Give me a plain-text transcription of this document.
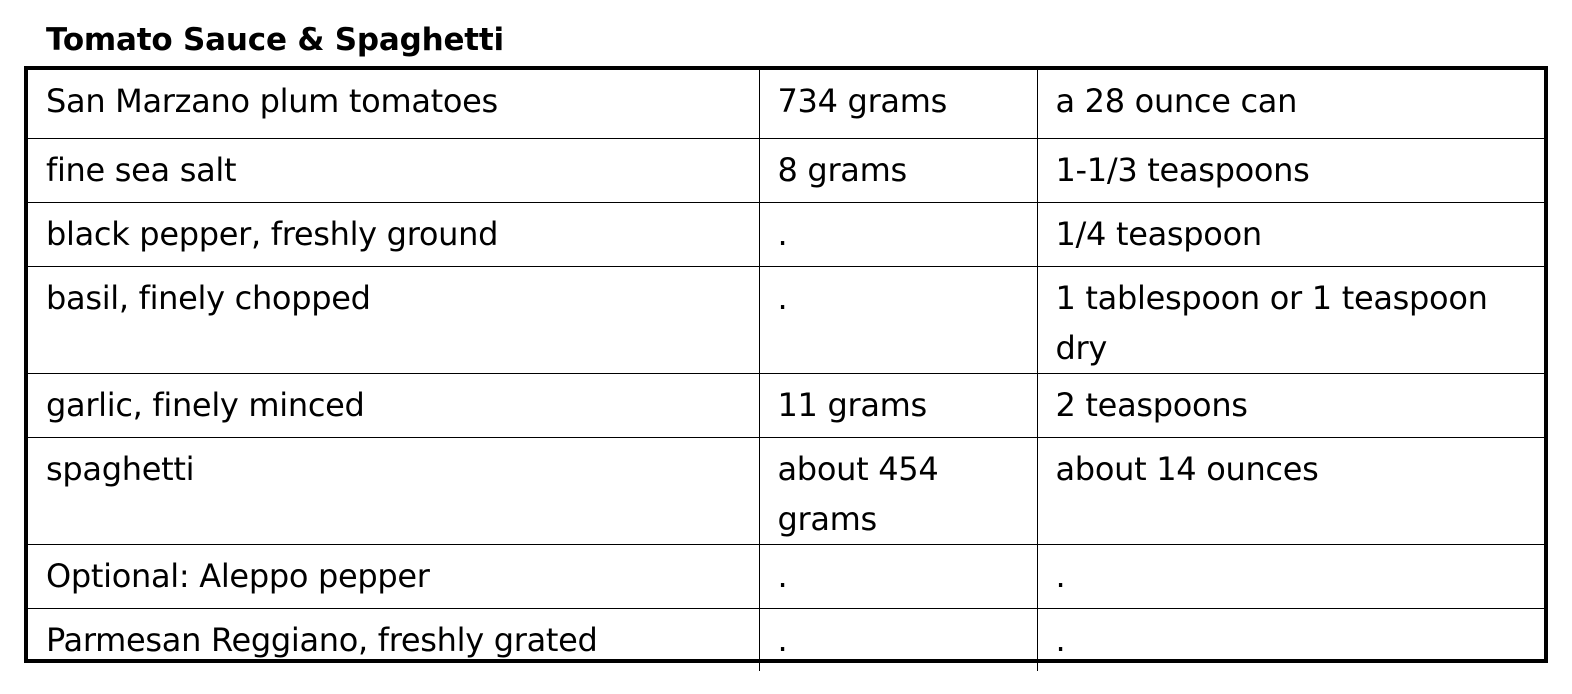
Tomato Sauce & Spaghetti
San Marzano plum tomatoes	734 grams	a 28 ounce can

fine sea salt	8 grams	1-1/3 teaspoons

black pepper, freshly ground	.	1/4 teaspoon

basil, finely chopped	.	1 tablespoon or 1 teaspoon dry

garlic, finely minced	11 grams	2 teaspoons

spaghetti	about 454 grams	about 14 ounces

Optional: Aleppo pepper	.	.

Parmesan Reggiano, freshly grated	.	.
